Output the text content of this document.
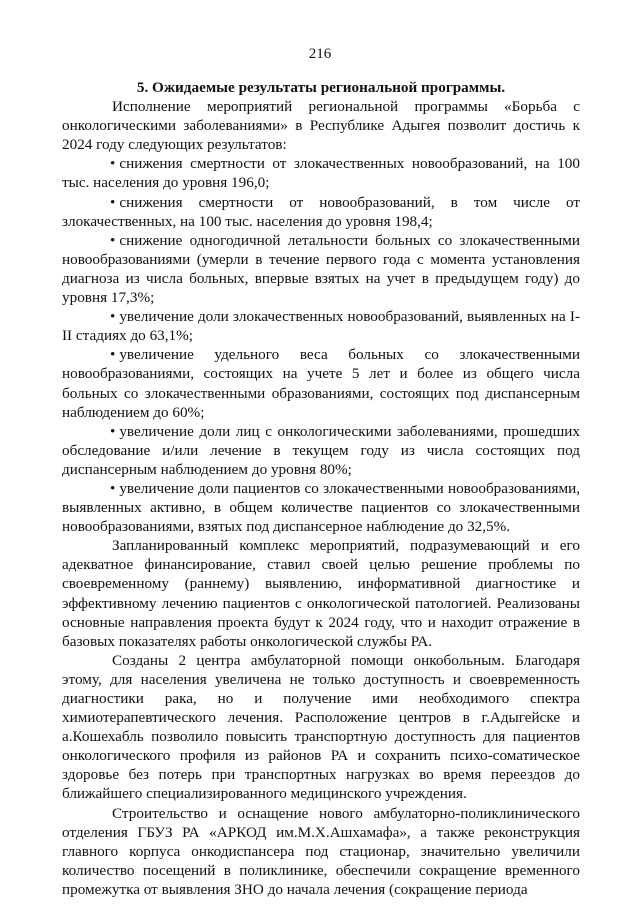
216

5. Ожидаемые результаты региональной программы.

Исполнение мероприятий региональной программы «Борьба с онкологическими заболеваниями» в Республике Адыгея позволит достичь к 2024 году следующих результатов:

• снижения смертности от злокачественных новообразований, на 100 тыс. населения до уровня 196,0;
• снижения смертности от новообразований, в том числе от злокачественных, на 100 тыс. населения до уровня 198,4;
• снижение одногодичной летальности больных со злокачественными новообразованиями (умерли в течение первого года с момента установления диагноза из числа больных, впервые взятых на учет в предыдущем году) до уровня 17,3%;
• увеличение доли злокачественных новообразований, выявленных на I-II стадиях до 63,1%;
• увеличение удельного веса больных со злокачественными новообразованиями, состоящих на учете 5 лет и более из общего числа больных со злокачественными образованиями, состоящих под диспансерным наблюдением до 60%;
• увеличение доли лиц с онкологическими заболеваниями, прошедших обследование и/или лечение в текущем году из числа состоящих под диспансерным наблюдением до уровня 80%;
• увеличение доли пациентов со злокачественными новообразованиями, выявленных активно, в общем количестве пациентов со злокачественными новообразованиями, взятых под диспансерное наблюдение до 32,5%.

Запланированный комплекс мероприятий, подразумевающий и его адекватное финансирование, ставил своей целью решение проблемы по своевременному (раннему) выявлению, информативной диагностике и эффективному лечению пациентов с онкологической патологией. Реализованы основные направления проекта будут к 2024 году, что и находит отражение в базовых показателях работы онкологической службы РА.

Созданы 2 центра амбулаторной помощи онкобольным. Благодаря этому, для населения увеличена не только доступность и своевременность диагностики рака, но и получение ими необходимого спектра химиотерапевтического лечения. Расположение центров в г.Адыгейске и а.Кошехабль позволило повысить транспортную доступность для пациентов онкологического профиля из районов РА и сохранить психо-соматическое здоровье без потерь при транспортных нагрузках во время переездов до ближайшего специализированного медицинского учреждения.

Строительство и оснащение нового амбулаторно-поликлинического отделения ГБУЗ РА «АРКОД им.М.Х.Ашхамафа», а также реконструкция главного корпуса онкодиспансера под стационар, значительно увеличили количество посещений в поликлинике, обеспечили сокращение временного промежутка от выявления ЗНО до начала лечения (сокращение периода
